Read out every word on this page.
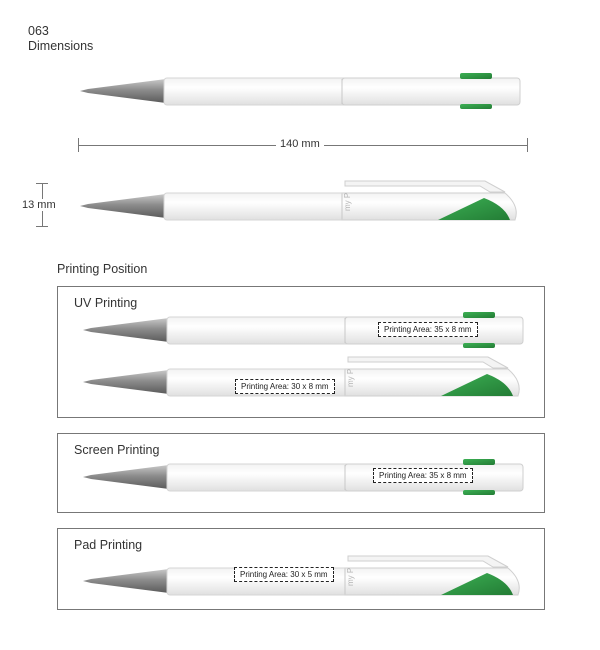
063
Dimensions
140 mm
13 mm	my P
Printing Position
UV Printing
Printing Area: 35 x 8 mm
my P
Printing Area: 30 x 8 mm
Screen Printing
Printing Area: 35 x 8 mm
Pad Printing
my P
Printing Area: 30 x 5 mm
